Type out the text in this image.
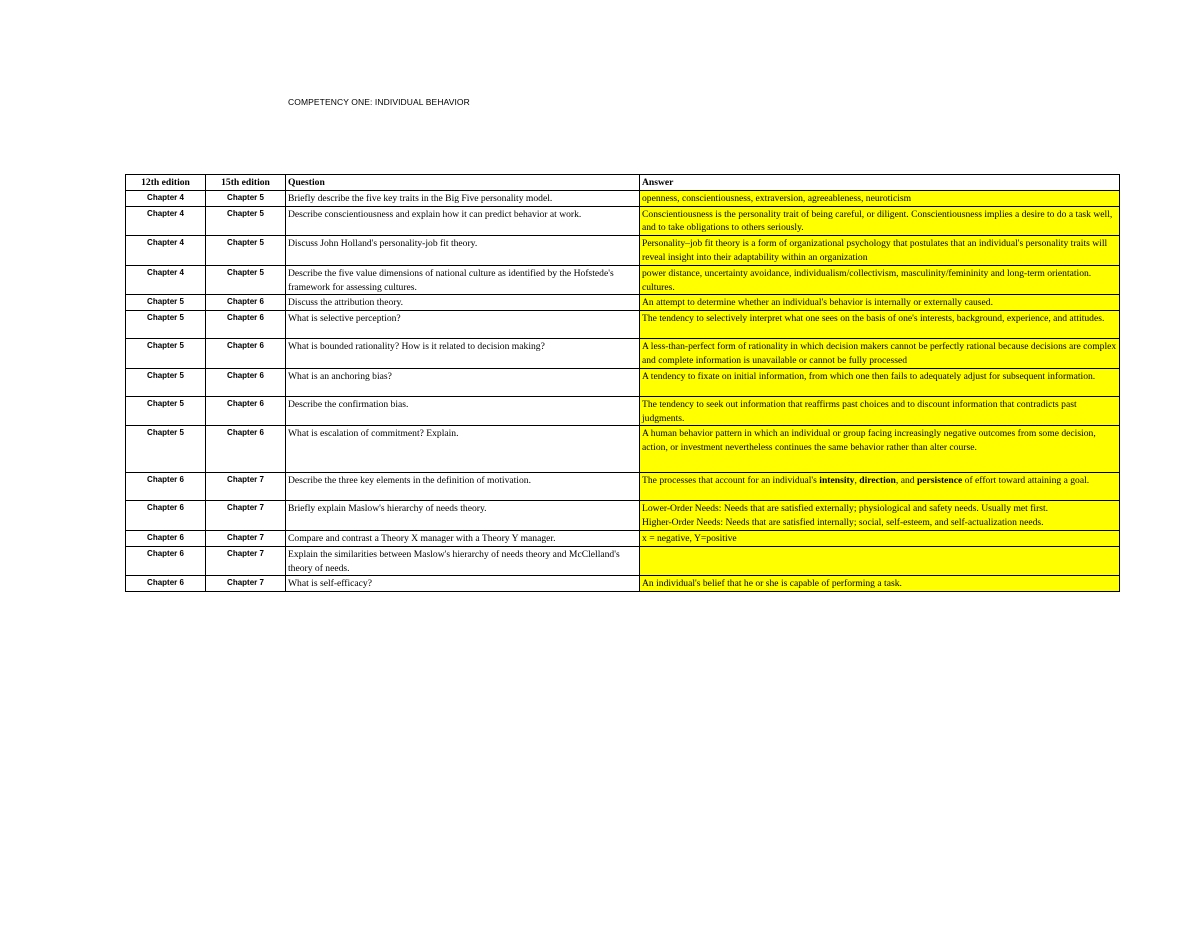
COMPETENCY ONE: INDIVIDUAL BEHAVIOR
12th edition	15th edition	Question	Answer
Chapter 4	Chapter 5	Briefly describe the five key traits in the Big Five personality model.	openness, conscientiousness, extraversion, agreeableness, neuroticism
Chapter 4	Chapter 5	Describe conscientiousness and explain how it can predict behavior at work.	Conscientiousness is the personality trait of being careful, or diligent. Conscientiousness implies a desire to do a task well, and to take obligations to others seriously.
Chapter 4	Chapter 5	Discuss John Holland's personality-job fit theory.	Personality–job fit theory is a form of organizational psychology that postulates that an individual's personality traits will reveal insight into their adaptability within an organization
Chapter 4	Chapter 5	Describe the five value dimensions of national culture as identified by the Hofstede's framework for assessing cultures.	power distance, uncertainty avoidance, individualism/collectivism, masculinity/femininity and long-term orientation. cultures.
Chapter 5	Chapter 6	Discuss the attribution theory.	An attempt to determine whether an individual's behavior is internally or externally caused.
Chapter 5	Chapter 6	What is selective perception?	The tendency to selectively interpret what one sees on the basis of one's interests, background, experience, and attitudes.
Chapter 5	Chapter 6	What is bounded rationality? How is it related to decision making?	A less-than-perfect form of rationality in which decision makers cannot be perfectly rational because decisions are complex and complete information is unavailable or cannot be fully processed
Chapter 5	Chapter 6	What is an anchoring bias?	A tendency to fixate on initial information, from which one then fails to adequately adjust for subsequent information.
Chapter 5	Chapter 6	Describe the confirmation bias.	The tendency to seek out information that reaffirms past choices and to discount information that contradicts past judgments.
Chapter 5	Chapter 6	What is escalation of commitment? Explain.	A human behavior pattern in which an individual or group facing increasingly negative outcomes from some decision, action, or investment nevertheless continues the same behavior rather than alter course.
Chapter 6	Chapter 7	Describe the three key elements in the definition of motivation.	The processes that account for an individual's intensity, direction, and persistence of effort toward attaining a goal.
Chapter 6	Chapter 7	Briefly explain Maslow's hierarchy of needs theory.	Lower-Order Needs: Needs that are satisfied externally; physiological and safety needs. Usually met first.
Higher-Order Needs: Needs that are satisfied internally; social, self-esteem, and self-actualization needs.

Chapter 6	Chapter 7	Compare and contrast a Theory X manager with a Theory Y manager.	x = negative, Y=positive
Chapter 6	Chapter 7	Explain the similarities between Maslow's hierarchy of needs theory and McClelland's theory of needs.	
Chapter 6	Chapter 7	What is self-efficacy?	An individual's belief that he or she is capable of performing a task.
